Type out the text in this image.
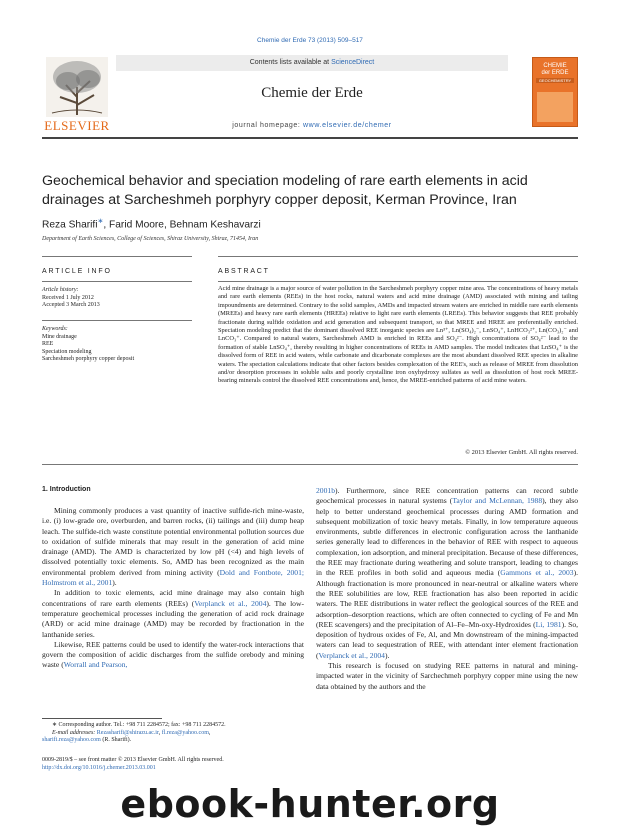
Chemie der Erde 73 (2013) 509–517
ELSEVIER
Contents lists available at ScienceDirect
Chemie der Erde
journal homepage: www.elsevier.de/chemer
CHEMIE
der ERDE
GEOCHEMISTRY
Geochemical behavior and speciation modeling of rare earth elements in acid drainages at Sarcheshmeh porphyry copper deposit, Kerman Province, Iran
Reza Sharifi∗, Farid Moore, Behnam Keshavarzi
Department of Earth Sciences, College of Sciences, Shiraz University, Shiraz, 71454, Iran
ARTICLE INFO	ABSTRACT
Article history:
Received 1 July 2012
Accepted 3 March 2013
Keywords:
Mine drainage
REE
Speciation modeling
Sarcheshmeh porphyry copper deposit
Acid mine drainage is a major source of water pollution in the Sarcheshmeh porphyry copper mine area. The concentrations of heavy metals and rare earth elements (REEs) in the host rocks, natural waters and acid mine drainage (AMD) associated with mining and tailing impoundments are determined. Contrary to the solid samples, AMDs and impacted stream waters are enriched in middle rare earth elements (MREEs) and heavy rare earth elements (HREEs) relative to light rare earth elements (LREEs). This behavior suggests that REE probably fractionate during sulfide oxidation and acid generation and subsequent transport, so that MREE and HREE are preferentially enriched. Speciation modeling predict that the dominant dissolved REE inorganic species are Ln³⁺, Ln(SO₄)₂⁻, LnSO₄⁺, LnHCO₃²⁺, Ln(CO₃)₂⁻ and LnCO₃⁺. Compared to natural waters, Sarcheshmeh AMD is enriched in REEs and SO₄²⁻. High concentrations of SO₄²⁻ lead to the formation of stable LnSO₄⁺, thereby resulting in higher concentrations of REEs in AMD samples. The model indicates that LnSO₄⁺ is the dissolved form of REE in acid waters, while carbonate and dicarbonate complexes are the most abundant dissolved REE species in alkaline waters. The speciation calculations indicate that other factors besides complexation of the REE's, such as release of MREE from dissolution and/or desorption processes in soluble salts and poorly crystalline iron oxyhydroxy sulfates as well as dissolution of host rock MREE-bearing minerals control the dissolved REE concentrations and, hence, the MREE-enriched patterns of acid mine waters.
© 2013 Elsevier GmbH. All rights reserved.
1. Introduction

Mining commonly produces a vast quantity of inactive sulfide-rich mine-waste, i.e. (i) low-grade ore, overburden, and barren rocks, (ii) tailings and (iii) dump heap leach. The sulfide-rich waste constitute potential environmental pollution sources due to oxidation of sulfide minerals that may result in the generation of acid mine drainage (AMD). The AMD is characterized by low pH (<4) and high levels of dissolved potentially toxic elements. So, AMD has been recognized as the main environmental problem derived from mining activity (Dold and Fontbote, 2001; Holmstrom et al., 2001).

In addition to toxic elements, acid mine drainage may also contain high concentrations of rare earth elements (REEs) (Verplanck et al., 2004). The low-temperature geochemical processes including the generation of acid rock drainage (ARD) or acid mine drainage (AMD) may be recorded by fractionation in the lanthanide series.

Likewise, REE patterns could be used to identify the water-rock interactions that govern the composition of acidic discharges from the sulfide orebody and mining waste (Worrall and Pearson,

2001b). Furthermore, since REE concentration patterns can record subtle geochemical processes in natural systems (Taylor and McLennan, 1988), they also help to better understand geochemical processes during AMD formation and subsequent mobilization of toxic heavy metals. Finally, in low temperature aqueous environments, subtle differences in electronic configuration across the lanthanide series generally lead to differences in the behavior of REE with respect to aqueous complexation, ion adsorption, and mineral precipitation. Because of these differences, the REE may fractionate during weathering and solute transport, leading to changes in the REE profiles in both solid and aqueous media (Gammons et al., 2003). Although fractionation is more pronounced in near-neutral or alkaline waters where the REE solubilities are low, REE fractionation has also been reported in acidic waters. The REE distributions in water reflect the geological sources of the REE and adsorption–desorption reactions, which are often connected to cycling of Fe and Mn (REE scavengers) and the precipitation of Al–Fe–Mn-oxy-Hydroxides (Li, 1981). So, deposition of hydrous oxides of Fe, Al, and Mn downstream of the mining-impacted waters can lead to sequestration of REE, with attendant inter element fractionation (Verplanck et al., 2004).

This research is focused on studying REE patterns in natural and mining-impacted water in the vicinity of Sarchechmeh porphyry copper mine using the new data obtained by the authors and the

∗ Corresponding author. Tel.: +98 711 2284572; fax: +98 711 2284572.
E-mail addresses: Rezasharifi@shirazu.ac.ir, fl.reza@yahoo.com,
sharifi.reza@yahoo.com (R. Sharifi).
0009-2819/$ – see front matter © 2013 Elsevier GmbH. All rights reserved.
http://dx.doi.org/10.1016/j.chemer.2013.03.001
ebook-hunter.org
